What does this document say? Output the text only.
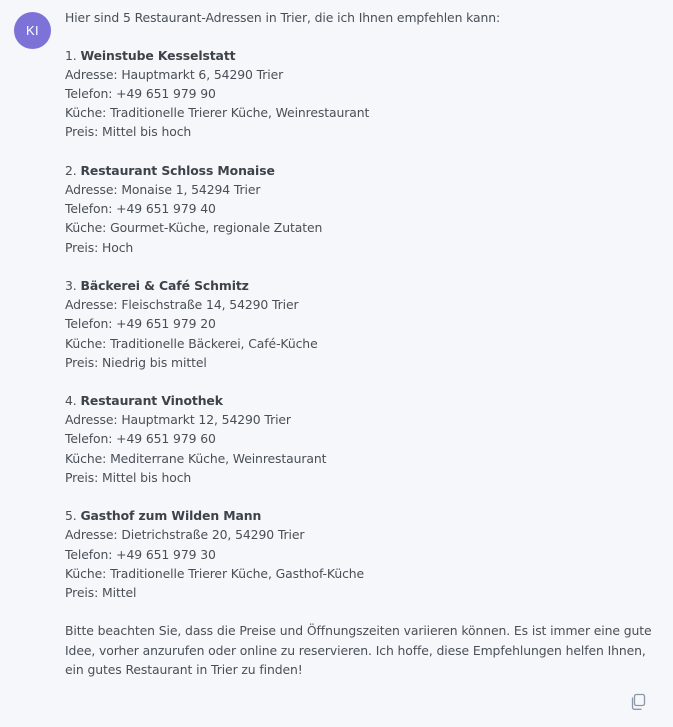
KI
Hier sind 5 Restaurant-Adressen in Trier, die ich Ihnen empfehlen kann:
1. Weinstube Kesselstatt
Adresse: Hauptmarkt 6, 54290 Trier
Telefon: +49 651 979 90
Küche: Traditionelle Trierer Küche, Weinrestaurant
Preis: Mittel bis hoch
2. Restaurant Schloss Monaise
Adresse: Monaise 1, 54294 Trier
Telefon: +49 651 979 40
Küche: Gourmet-Küche, regionale Zutaten
Preis: Hoch
3. Bäckerei & Café Schmitz
Adresse: Fleischstraße 14, 54290 Trier
Telefon: +49 651 979 20
Küche: Traditionelle Bäckerei, Café-Küche
Preis: Niedrig bis mittel
4. Restaurant Vinothek
Adresse: Hauptmarkt 12, 54290 Trier
Telefon: +49 651 979 60
Küche: Mediterrane Küche, Weinrestaurant
Preis: Mittel bis hoch
5. Gasthof zum Wilden Mann
Adresse: Dietrichstraße 20, 54290 Trier
Telefon: +49 651 979 30
Küche: Traditionelle Trierer Küche, Gasthof-Küche
Preis: Mittel
Bitte beachten Sie, dass die Preise und Öffnungszeiten variieren können. Es ist immer eine gute Idee, vorher anzurufen oder online zu reservieren. Ich hoffe, diese Empfehlungen helfen Ihnen, ein gutes Restaurant in Trier zu finden!
